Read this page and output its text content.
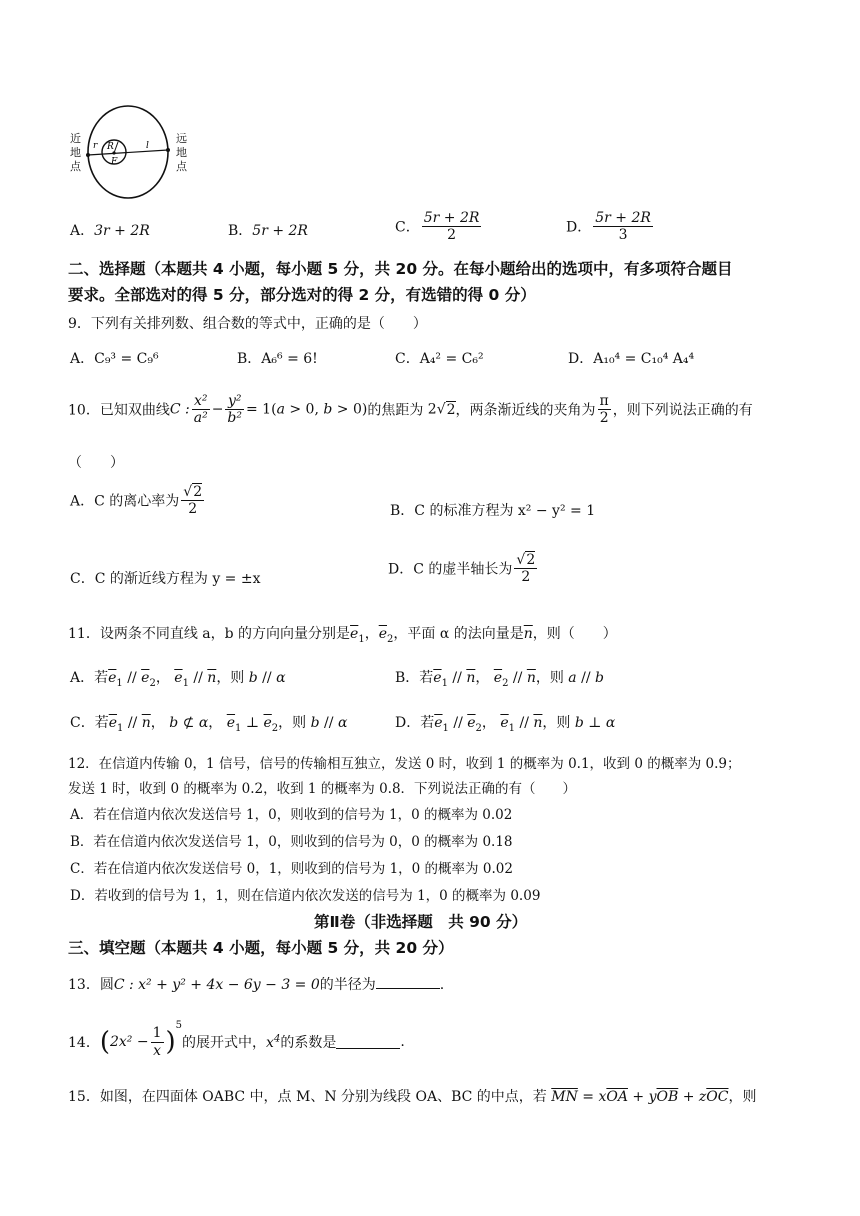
r R
F
l
近地点
远地点
A．3r + 2R	B．5r + 2R	C． $\frac{5r + 2R}{2}$	D． $\frac{5r + 2R}{3}$
二、选择题（本题共 4 小题，每小题 5 分，共 20 分。在每小题给出的选项中，有多项符合题目
要求。全部选对的得 5 分，部分选对的得 2 分，有选错的得 0 分）
9．下列有关排列数、组合数的等式中，正确的是（　　）
A．C₉³ = C₉⁶	B．A₆⁶ = 6!	C．A₄² = C₆²	D．A₁₀⁴ = C₁₀⁴ A₄⁴
10．已知双曲线C : $\frac{\text{x²}}{\text{a²}} - \frac{\text{y²}}{\text{b²}} = 1(a > 0$, b > 0)的焦距为 2√2，两条渐近线的夹角为 $\frac{\pi}{2}$ ，则下列说法正确的有
（　　）
A．C 的离心率为 $\frac{√2}{2}$	B．C 的标准方程为 x² − y² = 1
C．C 的渐近线方程为 y = ±x
D．C 的虚半轴长为 $\frac{√2}{2}$
11．设两条不同直线 a，b 的方向向量分别是$\overline{e}_1$，$\overline{e}_2$，平面 α 的法向量是$\overline{n}$，则（　　）
A．若$\overline{e}_1 // \overline{e}_2$， $\overline{e}_1 // \overline{n}$，则 b // α	B．若$\overline{e}_1 // \overline{n}$， $\overline{e}_2 // \overline{n}$，则 a // b
C．若$\overline{e}_1 // \overline{n}$， b ⊄ α， $\overline{e}_1$ ⊥ $\overline{e}_2$，则 b // α	D．若$\overline{e}_1 // \overline{e}_2$， $\overline{e}_1 // \overline{n}$，则 b ⊥ α
12．在信道内传输 0，1 信号，信号的传输相互独立，发送 0 时，收到 1 的概率为 0.1，收到 0 的概率为 0.9；
发送 1 时，收到 0 的概率为 0.2，收到 1 的概率为 0.8．下列说法正确的有（　　）
A．若在信道内依次发送信号 1，0，则收到的信号为 1，0 的概率为 0.02
B．若在信道内依次发送信号 1，0，则收到的信号为 0，0 的概率为 0.18
C．若在信道内依次发送信号 0，1，则收到的信号为 1，0 的概率为 0.02
D．若收到的信号为 1，1，则在信道内依次发送的信号为 1，0 的概率为 0.09
第Ⅱ卷（非选择题　共 90 分）
三、填空题（本题共 4 小题，每小题 5 分，共 20 分）
13．圆C : x² + y² + 4x − 6y − 3 = 0的半径为	.
14．$(2x^2 - \frac{1}{x} )^5$的展开式中，$x^4$的系数是	.
15．如图，在四面体 OABC 中，点 M、N 分别为线段 OA、BC 的中点，若 $\overline{MN} = x\overline{OA} + y\overline{OB} + z\overline{OC}$，则
